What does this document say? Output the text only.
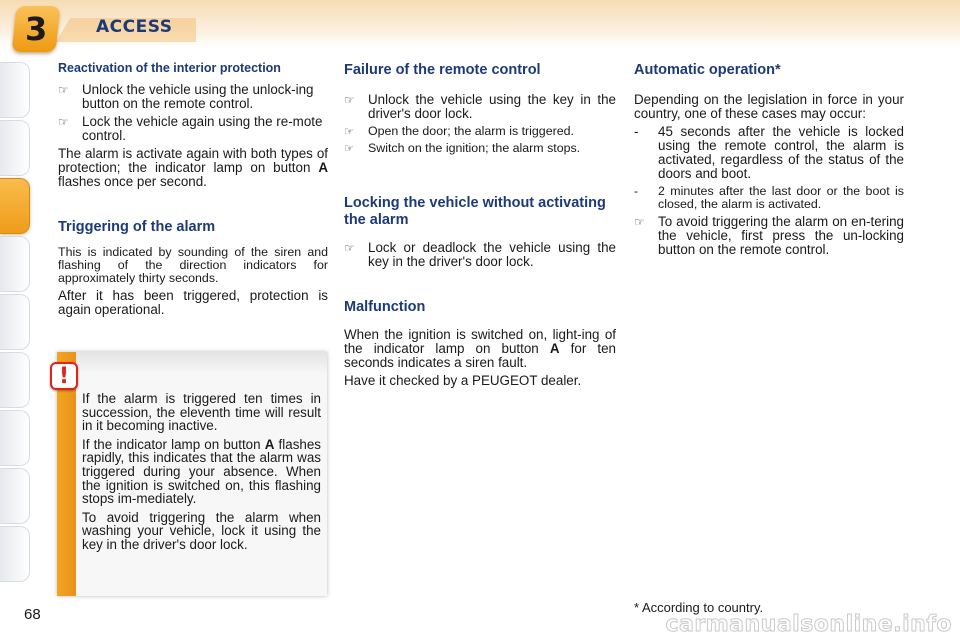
3	ACCESS
Reactivation of the interior protection
☞ Unlock the vehicle using the unlock-ing button on the remote control.
☞ Lock the vehicle again using the re-mote control.

The alarm is activate again with both types of protection; the indicator lamp on button A flashes once per second.

Triggering of the alarm

This is indicated by sounding of the siren and flashing of the direction indicators for approximately thirty seconds.

After it has been triggered, protection is again operational.

!

If the alarm is triggered ten times in succession, the eleventh time will result in it becoming inactive.

If the indicator lamp on button A flashes rapidly, this indicates that the alarm was triggered during your absence. When the ignition is switched on, this flashing stops im-mediately.

To avoid triggering the alarm when washing your vehicle, lock it using the key in the driver's door lock.

Failure of the remote control
☞ Unlock the vehicle using the key in the driver's door lock.
☞ Open the door; the alarm is triggered.
☞ Switch on the ignition; the alarm stops.
Locking the vehicle without activating the alarm
☞ Lock or deadlock the vehicle using the key in the driver's door lock.
Malfunction

When the ignition is switched on, light-ing of the indicator lamp on button A for ten seconds indicates a siren fault.

Have it checked by a PEUGEOT dealer.

Automatic operation*

Depending on the legislation in force in your country, one of these cases may occur:

- 45 seconds after the vehicle is locked using the remote control, the alarm is activated, regardless of the status of the doors and boot.
- 2 minutes after the last door or the boot is closed, the alarm is activated.
☞ To avoid triggering the alarm on en-tering the vehicle, first press the un-locking button on the remote control.
* According to country.
68	carmanualsonline.info
